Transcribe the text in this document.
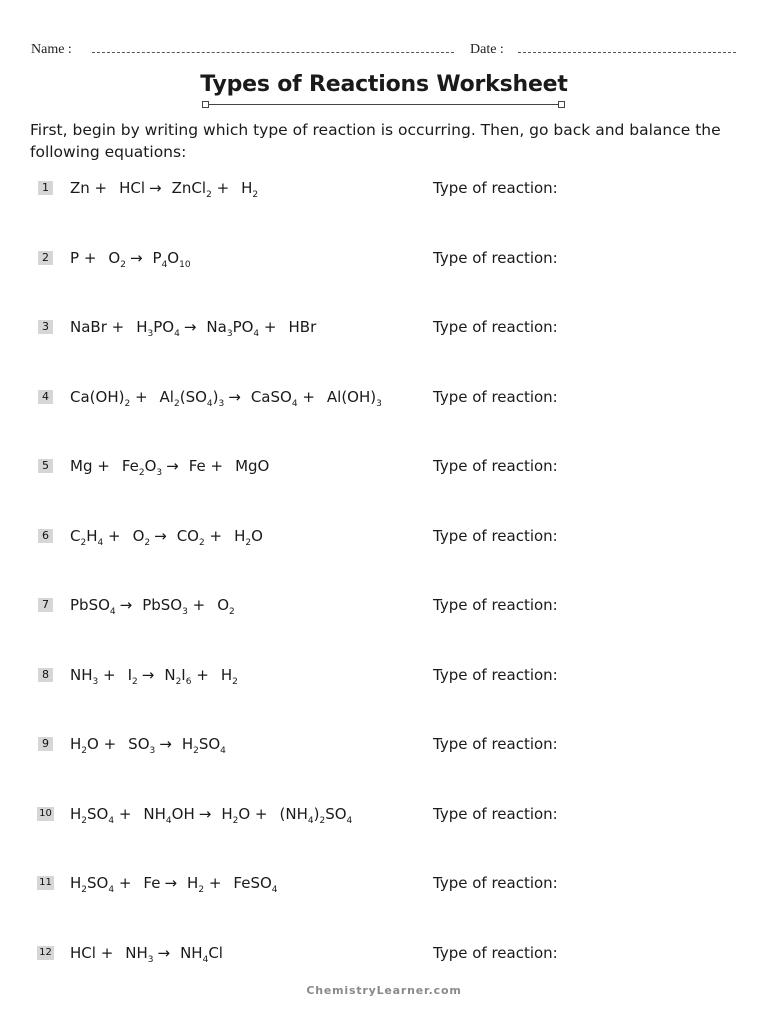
Name :	Date :
Types of Reactions Worksheet
First, begin by writing which type of reaction is occurring. Then, go back and balance the following equations:
1 Zn + HCl → ZnCl$_2$ + $H_2$	Type of reaction:
2 $P + O_2 \to P_4O_{10}$	Type of reaction:
3 NaBr + $H_3PO_4 \to Na_3PO_4$ + HBr	Type of reaction:
4 $Ca(OH)_2 + Al_2(SO_4)_3$ → CaSO$_4$ + $Al(OH)_3$	Type of reaction:
5 $Mg + Fe_2O_3 \to Fe$ + MgO	Type of reaction:
6 $C_2H_4 + O_2 \to CO_2 + H_2O$	Type of reaction:
7 PbSO$_4$ → PbSO$_3$ + $O_2$	Type of reaction:
8 $NH_3 + I_2 \to N_2I_6 + H_2$	Type of reaction:
9 $H_2O + SO_3 \to H_2SO_4$	Type of reaction:
10 $H_2SO_4 + NH_4OH \to H_2O + (NH_4)_2SO_4$	Type of reaction:
11 $H_2SO_4 + Fe \to H_2$ + FeSO$_4$	Type of reaction:
12 HCl + $NH_3 \to NH_4Cl$	Type of reaction:
ChemistryLearner.com
